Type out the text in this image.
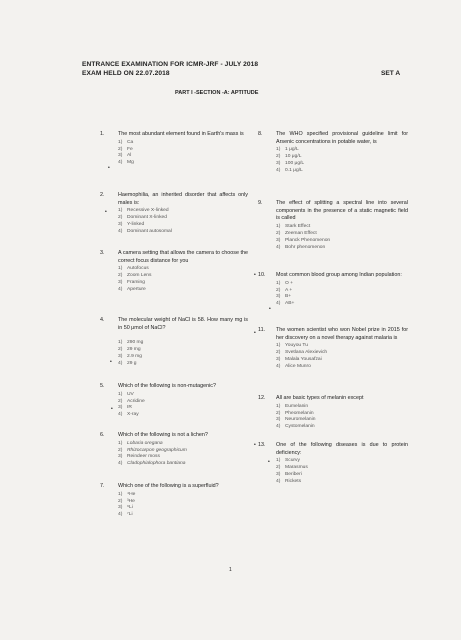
ENTRANCE EXAMINATION FOR ICMR-JRF - JULY 2018
EXAM HELD ON 22.07.2018	SET A
PART I -SECTION -A: APTITUDE
1.	The most abundant element found in Earth's mass is
1) Ca
2) Fe
3) Al
4) Mg
2.	Haemophilia, an inherited disorder that affects only males is:
1) Recessive X-linked
2) Dominant X-linked
3) Y-linked
4) Dominant autosomal
3.	A camera setting that allows the camera to choose the correct focus distance for you
1) Autofocus
2) Zoom Lens
3) Framing
4) Aperture
4.	The molecular weight of NaCl is 58. How many mg is in 50 μmol of NaCl?
1) 290 mg
2) 29 mg
3) 2.9 mg
4) 29 g
5.	Which of the following is non-mutagenic?
1) UV
2) Acridine
3) IR
4) X-ray
6.	Which of the following is not a lichen?
1) Lobaria oregana
2) Rhizocarpon geographicum
3) Reindeer moss
4) Cladophialophora bantiana
7.	Which one of the following is a superfluid?
1) ⁴He
2) ³He
3) ⁶Li
4) ⁷Li
8.	The WHO specified provisional guideline limit for Arsenic concentrations in potable water, is
1) 1 μg/L
2) 10 μg/L
3) 100 μg/L
4) 0.1 μg/L
9.	The effect of splitting a spectral line into several components in the presence of a static magnetic field is called
1) Stark Effect
2) Zeeman Effect
3) Planck Phenomenon
4) Bohr phenomenon
10. Most common blood group among Indian population:
1) O +
2) A +
3) B+
4) AB+
11. The women scientist who won Nobel prize in 2015 for her discovery on a novel therapy against malaria is
1) Youyou Tu
2) Svetlana Alexievich
3) Malala Yousafzai
4) Alice Munro
12. All are basic types of melanin except
1) Eumelanin
2) Pheomelanin
3) Neuromelanin
4) Cystomelanin
13. One of the following diseases is due to protein deficiency:
1) Scurvy
2) Marasmus
3) Beriberi
4) Rickets
•
•
•
•
•
•
•
•
•
1
